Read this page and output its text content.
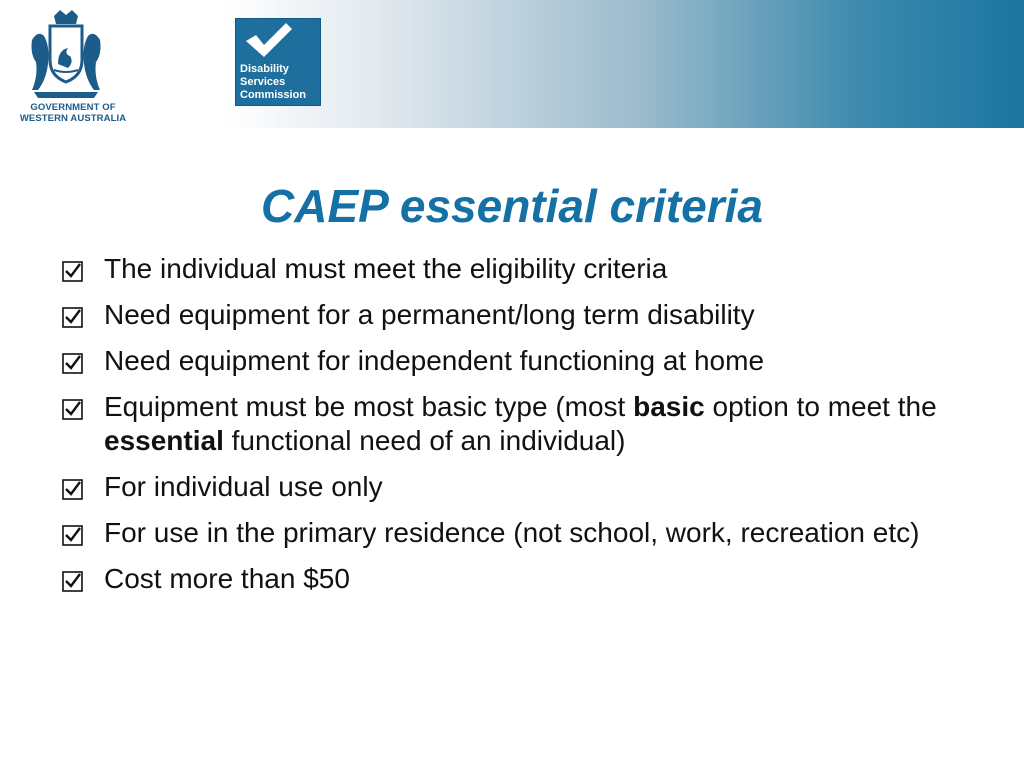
GOVERNMENT OF
WESTERN AUSTRALIA
Disability
Services
Commission
CAEP essential criteria
The individual must meet the eligibility criteria
Need equipment for a permanent/long term disability
Need equipment for independent functioning at home
Equipment must be most basic type (most basic option to meet the essential functional need of an individual)
For individual use only
For use in the primary residence (not school, work, recreation etc)
Cost more than $50
